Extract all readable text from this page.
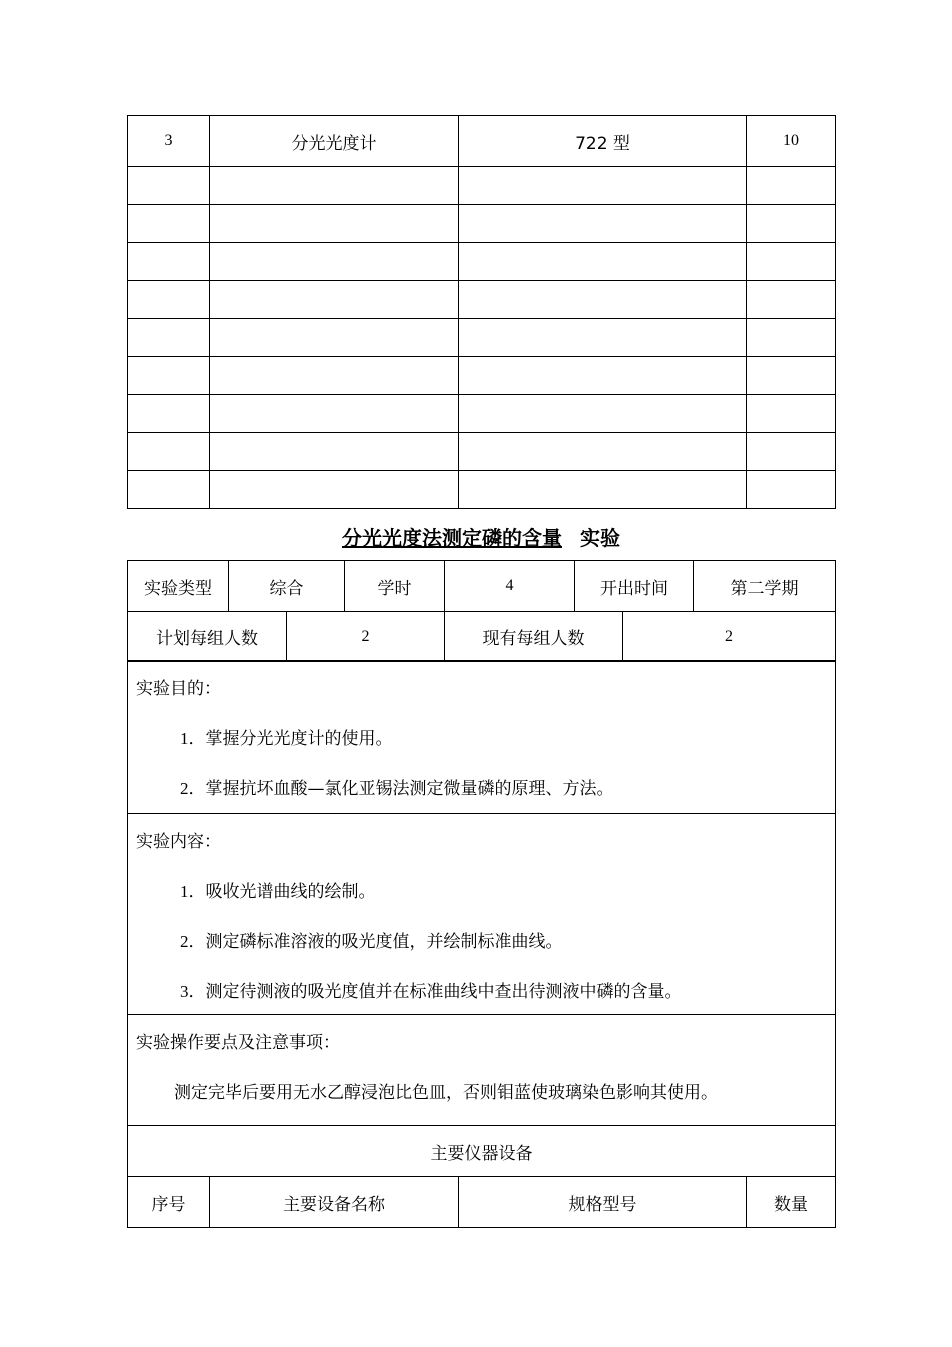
3	分光光度计	722 型	10

分光光度法测定磷的含量 实验
实验类型	综合		学时	4	开出时间		第二学期
计划每组人数		2		现有每组人数		2	
实验目的：
1．掌握分光光度计的使用。
2．掌握抗坏血酸—氯化亚锡法测定微量磷的原理、方法。

实验内容：
1．吸收光谱曲线的绘制。
2．测定磷标准溶液的吸光度值，并绘制标准曲线。
3．测定待测液的吸光度值并在标准曲线中查出待测液中磷的含量。

实验操作要点及注意事项：
测定完毕后要用无水乙醇浸泡比色皿，否则钼蓝使玻璃染色影响其使用。

主要仪器设备
序号	主要设备名称	规格型号	数量
